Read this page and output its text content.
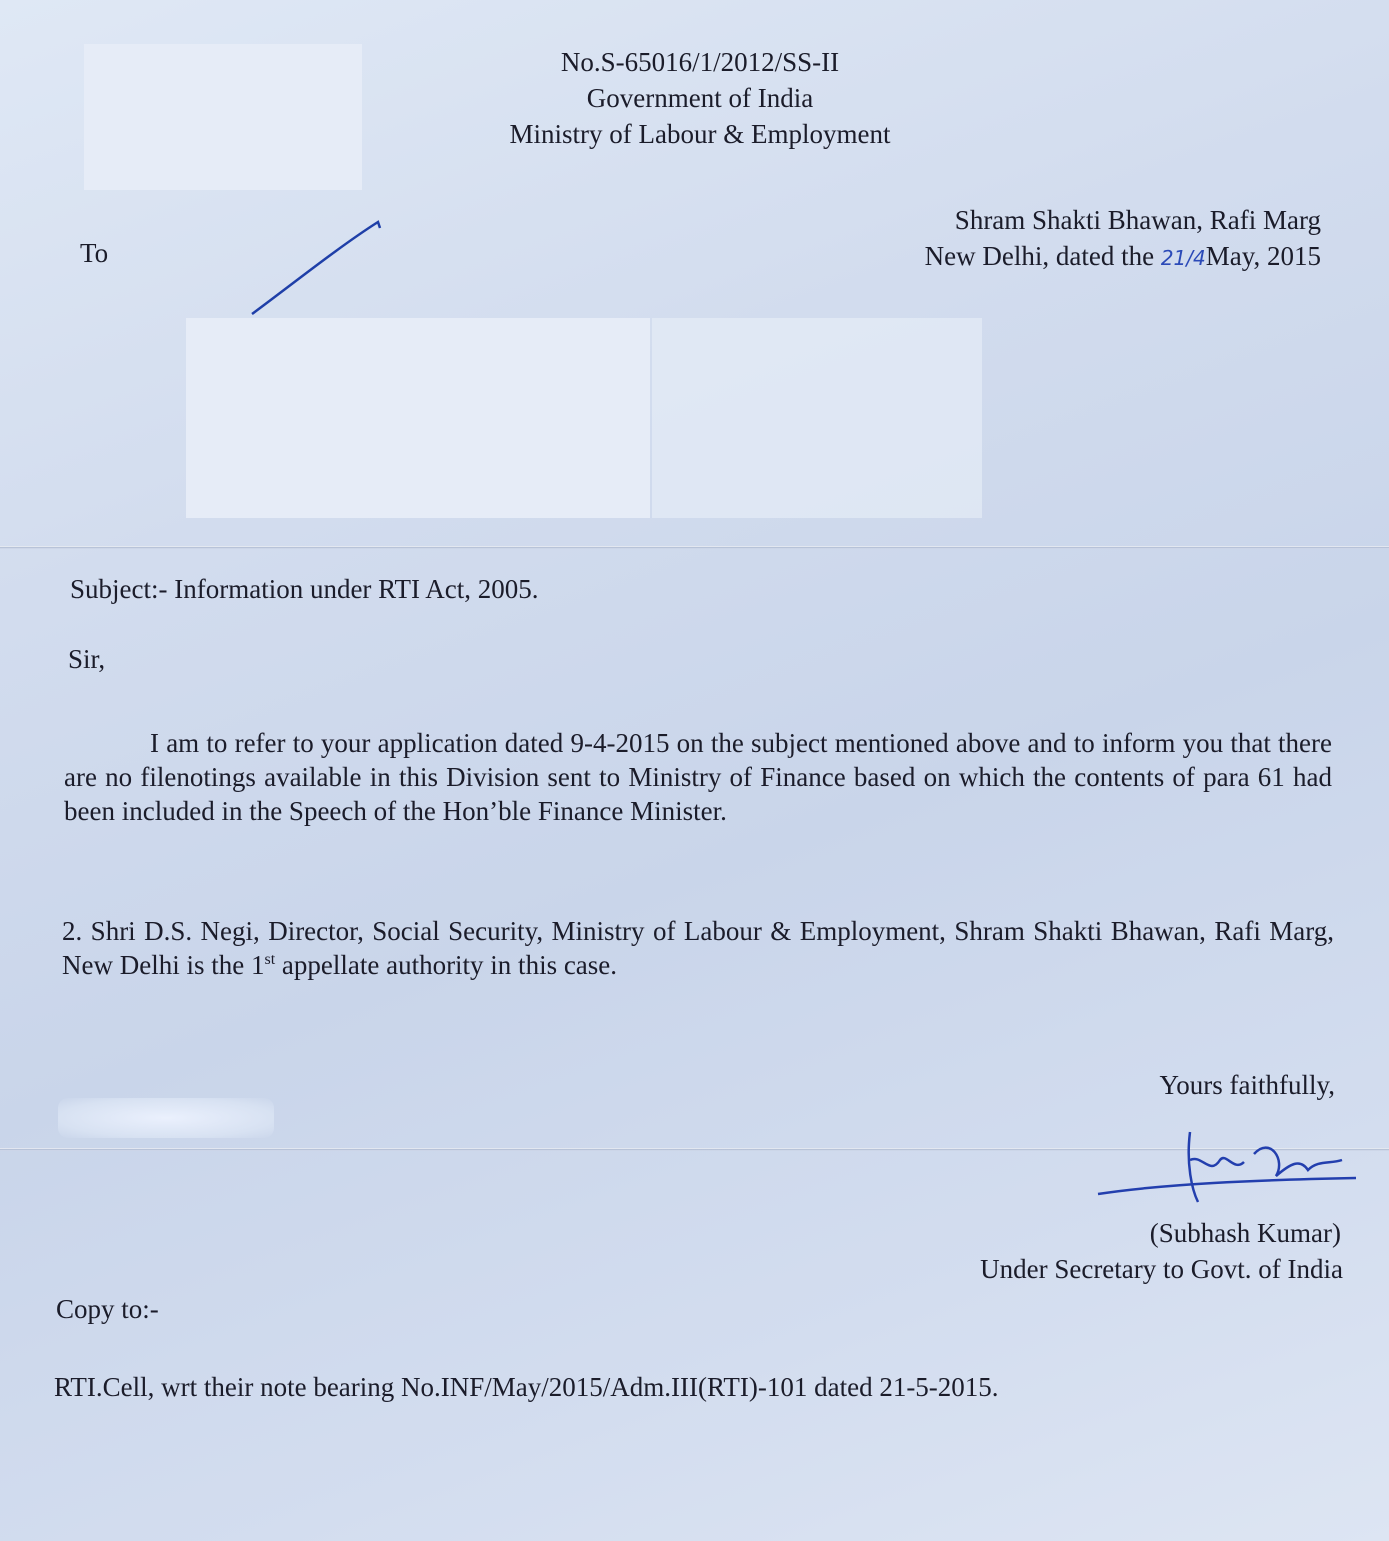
No.S-65016/1/2012/SS-II
Government of India
Ministry of Labour & Employment
Shram Shakti Bhawan, Rafi Marg
New Delhi, dated the 21/4May, 2015
To
Subject:- Information under RTI Act, 2005.
Sir,
I am to refer to your application dated 9-4-2015 on the subject mentioned above and to inform you that there are no filenotings available in this Division sent to Ministry of Finance based on which the contents of para 61 had been included in the Speech of the Hon’ble Finance Minister.
2. Shri D.S. Negi, Director, Social Security, Ministry of Labour & Employment, Shram Shakti Bhawan, Rafi Marg, New Delhi is the 1st appellate authority in this case.
Yours faithfully,
(Subhash Kumar)
Under Secretary to Govt. of India
Copy to:-
RTI.Cell, wrt their note bearing No.INF/May/2015/Adm.III(RTI)-101 dated 21-5-2015.
